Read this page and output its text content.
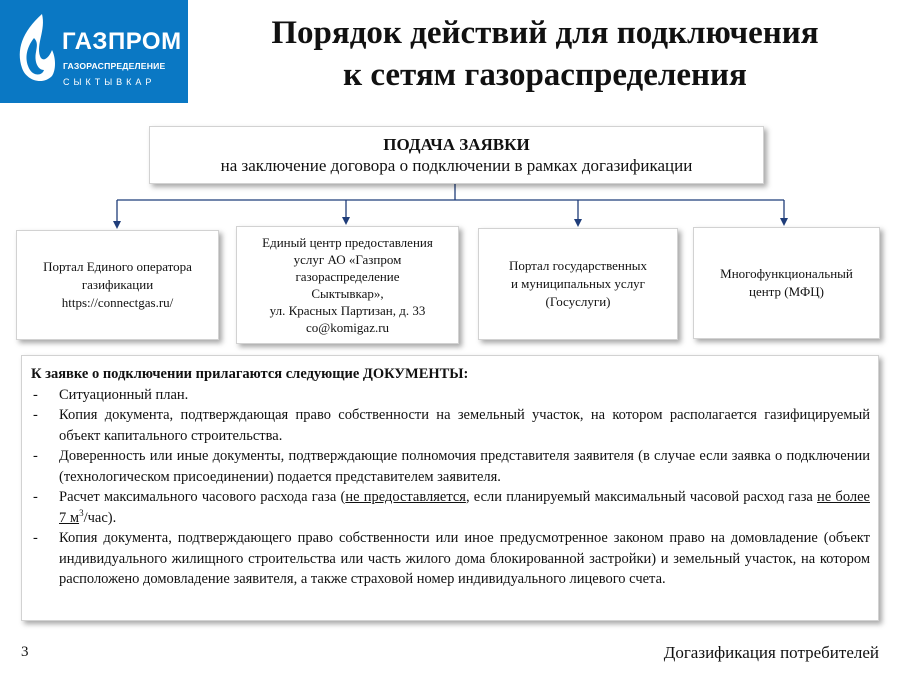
ГАЗПРОМ
ГАЗОРАСПРЕДЕЛЕНИЕ
СЫКТЫВКАР
Порядок действий для подключения
к сетям газораспределения
ПОДАЧА ЗАЯВКИ
на заключение договора о подключении в рамках догазификации
Портал Единого оператора
газификации
https://connectgas.ru/
Единый центр предоставления
услуг АО «Газпром
газораспределение
Сыктывкар»,
ул. Красных Партизан, д. 33
co@komigaz.ru
Портал государственных
и муниципальных услуг
(Госуслуги)
Многофункциональный
центр (МФЦ)
К заявке о подключении прилагаются следующие ДОКУМЕНТЫ:
- Ситуационный план.
- Копия документа, подтверждающая право собственности на земельный участок, на котором располагается газифицируемый объект капитального строительства.
- Доверенность или иные документы, подтверждающие полномочия представителя заявителя (в случае если заявка о подключении (технологическом присоединении) подается представителем заявителя.
- Расчет максимального часового расхода газа (не предоставляется, если планируемый максимальный часовой расход газа не более 7 $м^3/час$).
- Копия документа, подтверждающего право собственности или иное предусмотренное законом право на домовладение (объект индивидуального жилищного строительства или часть жилого дома блокированной застройки) и земельный участок, на котором расположено домовладение заявителя, а также страховой номер индивидуального лицевого счета.
3	Догазификация потребителей
